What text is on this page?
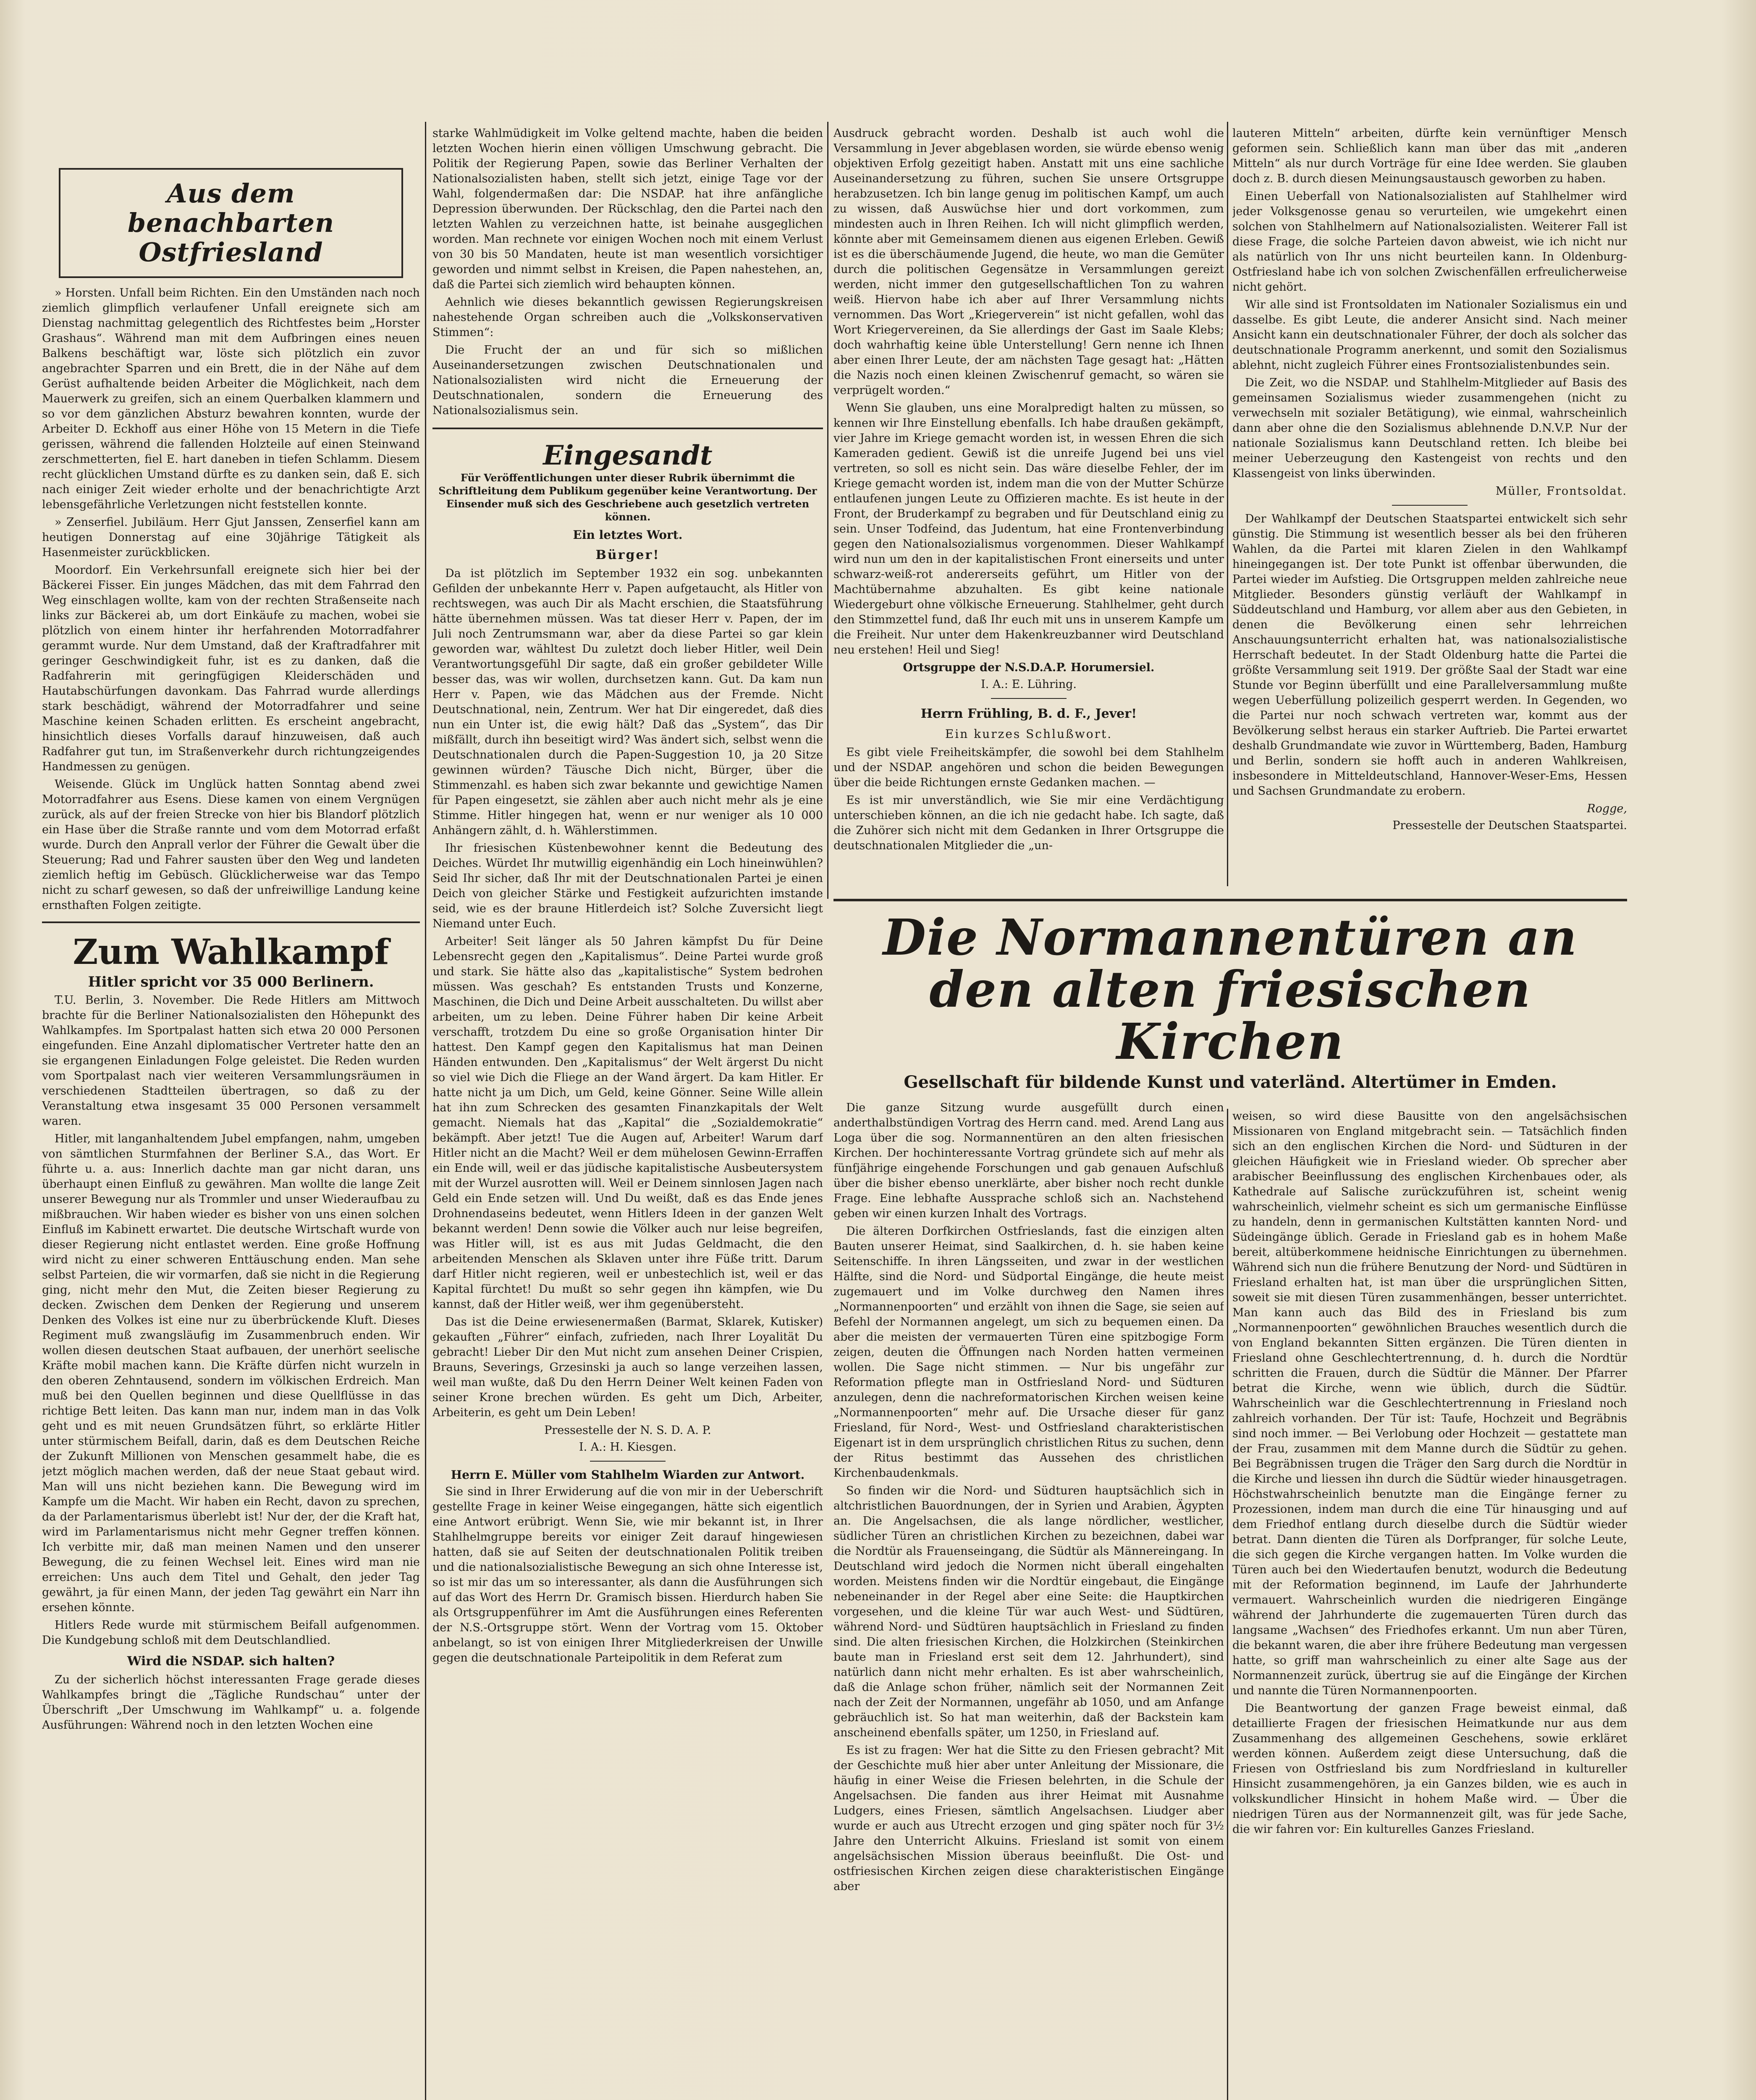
Aus dem benachbarten Ostfriesland

» Horsten. Unfall beim Richten. Ein den Umständen nach noch ziemlich glimpflich verlaufener Unfall ereignete sich am Dienstag nachmittag gelegentlich des Richtfestes beim „Horster Grashaus“. Während man mit dem Aufbringen eines neuen Balkens beschäftigt war, löste sich plötzlich ein zuvor angebrachter Sparren und ein Brett, die in der Nähe auf dem Gerüst aufhaltende beiden Arbeiter die Möglichkeit, nach dem Mauerwerk zu greifen, sich an einem Querbalken klammern und so vor dem gänzlichen Absturz bewahren konnten, wurde der Arbeiter D. Eckhoff aus einer Höhe von 15 Metern in die Tiefe gerissen, während die fallenden Holzteile auf einen Steinwand zerschmetterten, fiel E. hart daneben in tiefen Schlamm. Diesem recht glücklichen Umstand dürfte es zu danken sein, daß E. sich nach einiger Zeit wieder erholte und der benachrichtigte Arzt lebensgefährliche Verletzungen nicht feststellen konnte.

» Zenserfiel. Jubiläum. Herr Gjut Janssen, Zenserfiel kann am heutigen Donnerstag auf eine 30jährige Tätigkeit als Hasenmeister zurückblicken.

Moordorf. Ein Verkehrsunfall ereignete sich hier bei der Bäckerei Fisser. Ein junges Mädchen, das mit dem Fahrrad den Weg einschlagen wollte, kam von der rechten Straßenseite nach links zur Bäckerei ab, um dort Einkäufe zu machen, wobei sie plötzlich von einem hinter ihr herfahrenden Motorradfahrer gerammt wurde. Nur dem Umstand, daß der Kraftradfahrer mit geringer Geschwindigkeit fuhr, ist es zu danken, daß die Radfahrerin mit geringfügigen Kleiderschäden und Hautabschürfungen davonkam. Das Fahrrad wurde allerdings stark beschädigt, während der Motorradfahrer und seine Maschine keinen Schaden erlitten. Es erscheint angebracht, hinsichtlich dieses Vorfalls darauf hinzuweisen, daß auch Radfahrer gut tun, im Straßenverkehr durch richtungzeigendes Handmessen zu genügen.

Weisende. Glück im Unglück hatten Sonntag abend zwei Motorradfahrer aus Esens. Diese kamen von einem Vergnügen zurück, als auf der freien Strecke von hier bis Blandorf plötzlich ein Hase über die Straße rannte und vom dem Motorrad erfaßt wurde. Durch den Anprall verlor der Führer die Gewalt über die Steuerung; Rad und Fahrer sausten über den Weg und landeten ziemlich heftig im Gebüsch. Glücklicherweise war das Tempo nicht zu scharf gewesen, so daß der unfreiwillige Landung keine ernsthaften Folgen zeitigte.

Zum Wahlkampf
Hitler spricht vor 35 000 Berlinern.

T.U. Berlin, 3. November. Die Rede Hitlers am Mittwoch brachte für die Berliner Nationalsozialisten den Höhepunkt des Wahlkampfes. Im Sportpalast hatten sich etwa 20 000 Personen eingefunden. Eine Anzahl diplomatischer Vertreter hatte den an sie ergangenen Einladungen Folge geleistet. Die Reden wurden vom Sportpalast nach vier weiteren Versammlungsräumen in verschiedenen Stadtteilen übertragen, so daß zu der Veranstaltung etwa insgesamt 35 000 Personen versammelt waren.

Hitler, mit langanhaltendem Jubel empfangen, nahm, umgeben von sämtlichen Sturmfahnen der Berliner S.A., das Wort. Er führte u. a. aus: Innerlich dachte man gar nicht daran, uns überhaupt einen Einfluß zu gewähren. Man wollte die lange Zeit unserer Bewegung nur als Trommler und unser Wiederaufbau zu mißbrauchen. Wir haben wieder es bisher von uns einen solchen Einfluß im Kabinett erwartet. Die deutsche Wirtschaft wurde von dieser Regierung nicht entlastet werden. Eine große Hoffnung wird nicht zu einer schweren Enttäuschung enden. Man sehe selbst Parteien, die wir vormarfen, daß sie nicht in die Regierung ging, nicht mehr den Mut, die Zeiten bieser Regierung zu decken. Zwischen dem Denken der Regierung und unserem Denken des Volkes ist eine nur zu überbrückende Kluft. Dieses Regiment muß zwangsläufig im Zusammenbruch enden. Wir wollen diesen deutschen Staat aufbauen, der unerhört seelische Kräfte mobil machen kann. Die Kräfte dürfen nicht wurzeln in den oberen Zehntausend, sondern im völkischen Erdreich. Man muß bei den Quellen beginnen und diese Quellflüsse in das richtige Bett leiten. Das kann man nur, indem man in das Volk geht und es mit neuen Grundsätzen führt, so erklärte Hitler unter stürmischem Beifall, darin, daß es dem Deutschen Reiche der Zukunft Millionen von Menschen gesammelt habe, die es jetzt möglich machen werden, daß der neue Staat gebaut wird. Man will uns nicht beziehen kann. Die Bewegung wird im Kampfe um die Macht. Wir haben ein Recht, davon zu sprechen, da der Parlamentarismus überlebt ist! Nur der, der die Kraft hat, wird im Parlamentarismus nicht mehr Gegner treffen können. Ich verbitte mir, daß man meinen Namen und den unserer Bewegung, die zu feinen Wechsel leit. Eines wird man nie erreichen: Uns auch dem Titel und Gehalt, den jeder Tag gewährt, ja für einen Mann, der jeden Tag gewährt ein Narr ihn ersehen könnte.

Hitlers Rede wurde mit stürmischem Beifall aufgenommen. Die Kundgebung schloß mit dem Deutschlandlied.

Wird die NSDAP. sich halten?

Zu der sicherlich höchst interessanten Frage gerade dieses Wahlkampfes bringt die „Tägliche Rundschau“ unter der Überschrift „Der Umschwung im Wahlkampf“ u. a. folgende Ausführungen: Während noch in den letzten Wochen eine

starke Wahlmüdigkeit im Volke geltend machte, haben die beiden letzten Wochen hierin einen völligen Umschwung gebracht. Die Politik der Regierung Papen, sowie das Berliner Verhalten der Nationalsozialisten haben, stellt sich jetzt, einige Tage vor der Wahl, folgendermaßen dar: Die NSDAP. hat ihre anfängliche Depression überwunden. Der Rückschlag, den die Partei nach den letzten Wahlen zu verzeichnen hatte, ist beinahe ausgeglichen worden. Man rechnete vor einigen Wochen noch mit einem Verlust von 30 bis 50 Mandaten, heute ist man wesentlich vorsichtiger geworden und nimmt selbst in Kreisen, die Papen nahestehen, an, daß die Partei sich ziemlich wird behaupten können.

Aehnlich wie dieses bekanntlich gewissen Regierungskreisen nahestehende Organ schreiben auch die „Volkskonservativen Stimmen“:

Die Frucht der an und für sich so mißlichen Auseinandersetzungen zwischen Deutschnationalen und Nationalsozialisten wird nicht die Erneuerung der Deutschnationalen, sondern die Erneuerung des Nationalsozialismus sein.

Eingesandt

Für Veröffentlichungen unter dieser Rubrik übernimmt die Schriftleitung dem Publikum gegenüber keine Verantwortung. Der Einsender muß sich des Geschriebene auch gesetzlich vertreten können.

Ein letztes Wort.
Bürger!

Da ist plötzlich im September 1932 ein sog. unbekannten Gefilden der unbekannte Herr v. Papen aufgetaucht, als Hitler von rechtswegen, was auch Dir als Macht erschien, die Staatsführung hätte übernehmen müssen. Was tat dieser Herr v. Papen, der im Juli noch Zentrumsmann war, aber da diese Partei so gar klein geworden war, wähltest Du zuletzt doch lieber Hitler, weil Dein Verantwortungsgefühl Dir sagte, daß ein großer gebildeter Wille besser das, was wir wollen, durchsetzen kann. Gut. Da kam nun Herr v. Papen, wie das Mädchen aus der Fremde. Nicht Deutschnational, nein, Zentrum. Wer hat Dir eingeredet, daß dies nun ein Unter ist, die ewig hält? Daß das „System“, das Dir mißfällt, durch ihn beseitigt wird? Was ändert sich, selbst wenn die Deutschnationalen durch die Papen-Suggestion 10, ja 20 Sitze gewinnen würden? Täusche Dich nicht, Bürger, über die Stimmenzahl. es haben sich zwar bekannte und gewichtige Namen für Papen eingesetzt, sie zählen aber auch nicht mehr als je eine Stimme. Hitler hingegen hat, wenn er nur weniger als 10 000 Anhängern zählt, d. h. Wählerstimmen.

Ihr friesischen Küstenbewohner kennt die Bedeutung des Deiches. Würdet Ihr mutwillig eigenhändig ein Loch hineinwühlen? Seid Ihr sicher, daß Ihr mit der Deutschnationalen Partei je einen Deich von gleicher Stärke und Festigkeit aufzurichten imstande seid, wie es der braune Hitlerdeich ist? Solche Zuversicht liegt Niemand unter Euch.

Arbeiter! Seit länger als 50 Jahren kämpfst Du für Deine Lebensrecht gegen den „Kapitalismus“. Deine Partei wurde groß und stark. Sie hätte also das „kapitalistische“ System bedrohen müssen. Was geschah? Es entstanden Trusts und Konzerne, Maschinen, die Dich und Deine Arbeit ausschalteten. Du willst aber arbeiten, um zu leben. Deine Führer haben Dir keine Arbeit verschafft, trotzdem Du eine so große Organisation hinter Dir hattest. Den Kampf gegen den Kapitalismus hat man Deinen Händen entwunden. Den „Kapitalismus“ der Welt ärgerst Du nicht so viel wie Dich die Fliege an der Wand ärgert. Da kam Hitler. Er hatte nicht ja um Dich, um Geld, keine Gönner. Seine Wille allein hat ihn zum Schrecken des gesamten Finanzkapitals der Welt gemacht. Niemals hat das „Kapital“ die „Sozialdemokratie“ bekämpft. Aber jetzt! Tue die Augen auf, Arbeiter! Warum darf Hitler nicht an die Macht? Weil er dem mühelosen Gewinn-Erraffen ein Ende will, weil er das jüdische kapitalistische Ausbeutersystem mit der Wurzel ausrotten will. Weil er Deinem sinnlosen Jagen nach Geld ein Ende setzen will. Und Du weißt, daß es das Ende jenes Drohnendaseins bedeutet, wenn Hitlers Ideen in der ganzen Welt bekannt werden! Denn sowie die Völker auch nur leise begreifen, was Hitler will, ist es aus mit Judas Geldmacht, die den arbeitenden Menschen als Sklaven unter ihre Füße tritt. Darum darf Hitler nicht regieren, weil er unbestechlich ist, weil er das Kapital fürchtet! Du mußt so sehr gegen ihn kämpfen, wie Du kannst, daß der Hitler weiß, wer ihm gegenübersteht.

Das ist die Deine erwiesenermaßen (Barmat, Sklarek, Kutisker) gekauften „Führer“ einfach, zufrieden, nach Ihrer Loyalität Du gebracht! Lieber Dir den Mut nicht zum ansehen Deiner Crispien, Brauns, Severings, Grzesinski ja auch so lange verzeihen lassen, weil man wußte, daß Du den Herrn Deiner Welt keinen Faden von seiner Krone brechen würden. Es geht um Dich, Arbeiter, Arbeiterin, es geht um Dein Leben!

Pressestelle der N. S. D. A. P.
I. A.: H. Kiesgen.
Herrn E. Müller vom Stahlhelm Wiarden zur Antwort.

Sie sind in Ihrer Erwiderung auf die von mir in der Ueberschrift gestellte Frage in keiner Weise eingegangen, hätte sich eigentlich eine Antwort erübrigt. Wenn Sie, wie mir bekannt ist, in Ihrer Stahlhelmgruppe bereits vor einiger Zeit darauf hingewiesen hatten, daß sie auf Seiten der deutschnationalen Politik treiben und die nationalsozialistische Bewegung an sich ohne Interesse ist, so ist mir das um so interessanter, als dann die Ausführungen sich auf das Wort des Herrn Dr. Gramisch bissen. Hierdurch haben Sie als Ortsgruppenführer im Amt die Ausführungen eines Referenten der N.S.-Ortsgruppe stört. Wenn der Vortrag vom 15. Oktober anbelangt, so ist von einigen Ihrer Mitgliederkreisen der Unwille gegen die deutschnationale Parteipolitik in dem Referat zum

Ausdruck gebracht worden. Deshalb ist auch wohl die Versammlung in Jever abgeblasen worden, sie würde ebenso wenig objektiven Erfolg gezeitigt haben. Anstatt mit uns eine sachliche Auseinandersetzung zu führen, suchen Sie unsere Ortsgruppe herabzusetzen. Ich bin lange genug im politischen Kampf, um auch zu wissen, daß Auswüchse hier und dort vorkommen, zum mindesten auch in Ihren Reihen. Ich will nicht glimpflich werden, könnte aber mit Gemeinsamem dienen aus eigenen Erleben. Gewiß ist es die überschäumende Jugend, die heute, wo man die Gemüter durch die politischen Gegensätze in Versammlungen gereizt werden, nicht immer den gutgesellschaftlichen Ton zu wahren weiß. Hiervon habe ich aber auf Ihrer Versammlung nichts vernommen. Das Wort „Kriegerverein“ ist nicht gefallen, wohl das Wort Kriegervereinen, da Sie allerdings der Gast im Saale Klebs; doch wahrhaftig keine üble Unterstellung! Gern nenne ich Ihnen aber einen Ihrer Leute, der am nächsten Tage gesagt hat: „Hätten die Nazis noch einen kleinen Zwischenruf gemacht, so wären sie verprügelt worden.“

Wenn Sie glauben, uns eine Moralpredigt halten zu müssen, so kennen wir Ihre Einstellung ebenfalls. Ich habe draußen gekämpft, vier Jahre im Kriege gemacht worden ist, in wessen Ehren die sich Kameraden gedient. Gewiß ist die unreife Jugend bei uns viel vertreten, so soll es nicht sein. Das wäre dieselbe Fehler, der im Kriege gemacht worden ist, indem man die von der Mutter Schürze entlaufenen jungen Leute zu Offizieren machte. Es ist heute in der Front, der Bruderkampf zu begraben und für Deutschland einig zu sein. Unser Todfeind, das Judentum, hat eine Frontenverbindung gegen den Nationalsozialismus vorgenommen. Dieser Wahlkampf wird nun um den in der kapitalistischen Front einerseits und unter schwarz-weiß-rot andererseits geführt, um Hitler von der Machtübernahme abzuhalten. Es gibt keine nationale Wiedergeburt ohne völkische Erneuerung. Stahlhelmer, geht durch den Stimmzettel fund, daß Ihr euch mit uns in unserem Kampfe um die Freiheit. Nur unter dem Hakenkreuzbanner wird Deutschland neu erstehen! Heil und Sieg!

Ortsgruppe der N.S.D.A.P. Horumersiel.
I. A.: E. Lühring.
Herrn Frühling, B. d. F., Jever!
Ein kurzes Schlußwort.

Es gibt viele Freiheitskämpfer, die sowohl bei dem Stahlhelm und der NSDAP. angehören und schon die beiden Bewegungen über die beide Richtungen ernste Gedanken machen. —

Es ist mir unverständlich, wie Sie mir eine Verdächtigung unterschieben können, an die ich nie gedacht habe. Ich sagte, daß die Zuhörer sich nicht mit dem Gedanken in Ihrer Ortsgruppe die deutschnationalen Mitglieder die „un-

lauteren Mitteln“ arbeiten, dürfte kein vernünftiger Mensch geformen sein. Schließlich kann man über das mit „anderen Mitteln“ als nur durch Vorträge für eine Idee werden. Sie glauben doch z. B. durch diesen Meinungsaustausch geworben zu haben.

Einen Ueberfall von Nationalsozialisten auf Stahlhelmer wird jeder Volksgenosse genau so verurteilen, wie umgekehrt einen solchen von Stahlhelmern auf Nationalsozialisten. Weiterer Fall ist diese Frage, die solche Parteien davon abweist, wie ich nicht nur als natürlich von Ihr uns nicht beurteilen kann. In Oldenburg-Ostfriesland habe ich von solchen Zwischenfällen erfreulicherweise nicht gehört.

Wir alle sind ist Frontsoldaten im Nationaler Sozialismus ein und dasselbe. Es gibt Leute, die anderer Ansicht sind. Nach meiner Ansicht kann ein deutschnationaler Führer, der doch als solcher das deutschnationale Programm anerkennt, und somit den Sozialismus ablehnt, nicht zugleich Führer eines Frontsozialistenbundes sein.

Die Zeit, wo die NSDAP. und Stahlhelm-Mitglieder auf Basis des gemeinsamen Sozialismus wieder zusammengehen (nicht zu verwechseln mit sozialer Betätigung), wie einmal, wahrscheinlich dann aber ohne die den Sozialismus ablehnende D.N.V.P. Nur der nationale Sozialismus kann Deutschland retten. Ich bleibe bei meiner Ueberzeugung den Kastengeist von rechts und den Klassengeist von links überwinden.

Müller, Frontsoldat.

Der Wahlkampf der Deutschen Staatspartei entwickelt sich sehr günstig. Die Stimmung ist wesentlich besser als bei den früheren Wahlen, da die Partei mit klaren Zielen in den Wahlkampf hineingegangen ist. Der tote Punkt ist offenbar überwunden, die Partei wieder im Aufstieg. Die Ortsgruppen melden zahlreiche neue Mitglieder. Besonders günstig verläuft der Wahlkampf in Süddeutschland und Hamburg, vor allem aber aus den Gebieten, in denen die Bevölkerung einen sehr lehrreichen Anschauungsunterricht erhalten hat, was nationalsozialistische Herrschaft bedeutet. In der Stadt Oldenburg hatte die Partei die größte Versammlung seit 1919. Der größte Saal der Stadt war eine Stunde vor Beginn überfüllt und eine Parallelversammlung mußte wegen Ueberfüllung polizeilich gesperrt werden. In Gegenden, wo die Partei nur noch schwach vertreten war, kommt aus der Bevölkerung selbst heraus ein starker Auftrieb. Die Partei erwartet deshalb Grundmandate wie zuvor in Württemberg, Baden, Hamburg und Berlin, sondern sie hofft auch in anderen Wahlkreisen, insbesondere in Mitteldeutschland, Hannover-Weser-Ems, Hessen und Sachsen Grundmandate zu erobern.

Rogge,
Pressestelle der Deutschen Staatspartei.
Die Normannentüren an den alten friesischen Kirchen
Gesellschaft für bildende Kunst und vaterländ. Altertümer in Emden.

Die ganze Sitzung wurde ausgefüllt durch einen anderthalbstündigen Vortrag des Herrn cand. med. Arend Lang aus Loga über die sog. Normannentüren an den alten friesischen Kirchen. Der hochinteressante Vortrag gründete sich auf mehr als fünfjährige eingehende Forschungen und gab genauen Aufschluß über die bisher ebenso unerklärte, aber bisher noch recht dunkle Frage. Eine lebhafte Aussprache schloß sich an. Nachstehend geben wir einen kurzen Inhalt des Vortrags.

Die älteren Dorfkirchen Ostfrieslands, fast die einzigen alten Bauten unserer Heimat, sind Saalkirchen, d. h. sie haben keine Seitenschiffe. In ihren Längsseiten, und zwar in der westlichen Hälfte, sind die Nord- und Südportal Eingänge, die heute meist zugemauert und im Volke durchweg den Namen ihres „Normannenpoorten“ und erzählt von ihnen die Sage, sie seien auf Befehl der Normannen angelegt, um sich zu bequemen einen. Da aber die meisten der vermauerten Türen eine spitzbogige Form zeigen, deuten die Öffnungen nach Norden hatten vermeinen wollen. Die Sage nicht stimmen. — Nur bis ungefähr zur Reformation pflegte man in Ostfriesland Nord- und Südturen anzulegen, denn die nachreformatorischen Kirchen weisen keine „Normannenpoorten“ mehr auf. Die Ursache dieser für ganz Friesland, für Nord-, West- und Ostfriesland charakteristischen Eigenart ist in dem ursprünglich christlichen Ritus zu suchen, denn der Ritus bestimmt das Aussehen des christlichen Kirchenbaudenkmals.

So finden wir die Nord- und Südturen hauptsächlich sich in altchristlichen Bauordnungen, der in Syrien und Arabien, Ägypten an. Die Angelsachsen, die als lange nördlicher, westlicher, südlicher Türen an christlichen Kirchen zu bezeichnen, dabei war die Nordtür als Frauenseingang, die Südtür als Männereingang. In Deutschland wird jedoch die Normen nicht überall eingehalten worden. Meistens finden wir die Nordtür eingebaut, die Eingänge nebeneinander in der Regel aber eine Seite: die Hauptkirchen vorgesehen, und die kleine Tür war auch West- und Südtüren, während Nord- und Südtüren hauptsächlich in Friesland zu finden sind. Die alten friesischen Kirchen, die Holzkirchen (Steinkirchen baute man in Friesland erst seit dem 12. Jahrhundert), sind natürlich dann nicht mehr erhalten. Es ist aber wahrscheinlich, daß die Anlage schon früher, nämlich seit der Normannen Zeit nach der Zeit der Normannen, ungefähr ab 1050, und am Anfange gebräuchlich ist. So hat man weiterhin, daß der Backstein kam anscheinend ebenfalls später, um 1250, in Friesland auf.

Es ist zu fragen: Wer hat die Sitte zu den Friesen gebracht? Mit der Geschichte muß hier aber unter Anleitung der Missionare, die häufig in einer Weise die Friesen belehrten, in die Schule der Angelsachsen. Die fanden aus ihrer Heimat mit Ausnahme Ludgers, eines Friesen, sämtlich Angelsachsen. Liudger aber wurde er auch aus Utrecht erzogen und ging später noch für 3½ Jahre den Unterricht Alkuins. Friesland ist somit von einem angelsächsischen Mission überaus beeinflußt. Die Ost- und ostfriesischen Kirchen zeigen diese charakteristischen Eingänge aber

weisen, so wird diese Bausitte von den angelsächsischen Missionaren von England mitgebracht sein. — Tatsächlich finden sich an den englischen Kirchen die Nord- und Südturen in der gleichen Häufigkeit wie in Friesland wieder. Ob sprecher aber arabischer Beeinflussung des englischen Kirchenbaues oder, als Kathedrale auf Salische zurückzuführen ist, scheint wenig wahrscheinlich, vielmehr scheint es sich um germanische Einflüsse zu handeln, denn in germanischen Kultstätten kannten Nord- und Südeingänge üblich. Gerade in Friesland gab es in hohem Maße bereit, altüberkommene heidnische Einrichtungen zu übernehmen. Während sich nun die frühere Benutzung der Nord- und Südtüren in Friesland erhalten hat, ist man über die ursprünglichen Sitten, soweit sie mit diesen Türen zusammenhängen, besser unterrichtet. Man kann auch das Bild des in Friesland bis zum „Normannenpoorten“ gewöhnlichen Brauches wesentlich durch die von England bekannten Sitten ergänzen. Die Türen dienten in Friesland ohne Geschlechtertrennung, d. h. durch die Nordtür schritten die Frauen, durch die Südtür die Männer. Der Pfarrer betrat die Kirche, wenn wie üblich, durch die Südtür. Wahrscheinlich war die Geschlechtertrennung in Friesland noch zahlreich vorhanden. Der Tür ist: Taufe, Hochzeit und Begräbnis sind noch immer. — Bei Verlobung oder Hochzeit — gestattete man der Frau, zusammen mit dem Manne durch die Südtür zu gehen. Bei Begräbnissen trugen die Träger den Sarg durch die Nordtür in die Kirche und liessen ihn durch die Südtür wieder hinausgetragen. Höchstwahrscheinlich benutzte man die Eingänge ferner zu Prozessionen, indem man durch die eine Tür hinausging und auf dem Friedhof entlang durch dieselbe durch die Südtür wieder betrat. Dann dienten die Türen als Dorfpranger, für solche Leute, die sich gegen die Kirche vergangen hatten. Im Volke wurden die Türen auch bei den Wiedertaufen benutzt, wodurch die Bedeutung mit der Reformation beginnend, im Laufe der Jahrhunderte vermauert. Wahrscheinlich wurden die niedrigeren Eingänge während der Jahrhunderte die zugemauerten Türen durch das langsame „Wachsen“ des Friedhofes erkannt. Um nun aber Türen, die bekannt waren, die aber ihre frühere Bedeutung man vergessen hatte, so griff man wahrscheinlich zu einer alte Sage aus der Normannenzeit zurück, übertrug sie auf die Eingänge der Kirchen und nannte die Türen Normannenpoorten.

Die Beantwortung der ganzen Frage beweist einmal, daß detaillierte Fragen der friesischen Heimatkunde nur aus dem Zusammenhang des allgemeinen Geschehens, sowie erkläret werden können. Außerdem zeigt diese Untersuchung, daß die Friesen von Ostfriesland bis zum Nordfriesland in kultureller Hinsicht zusammengehören, ja ein Ganzes bilden, wie es auch in volkskundlicher Hinsicht in hohem Maße wird. — Über die niedrigen Türen aus der Normannenzeit gilt, was für jede Sache, die wir fahren vor: Ein kulturelles Ganzes Friesland.
